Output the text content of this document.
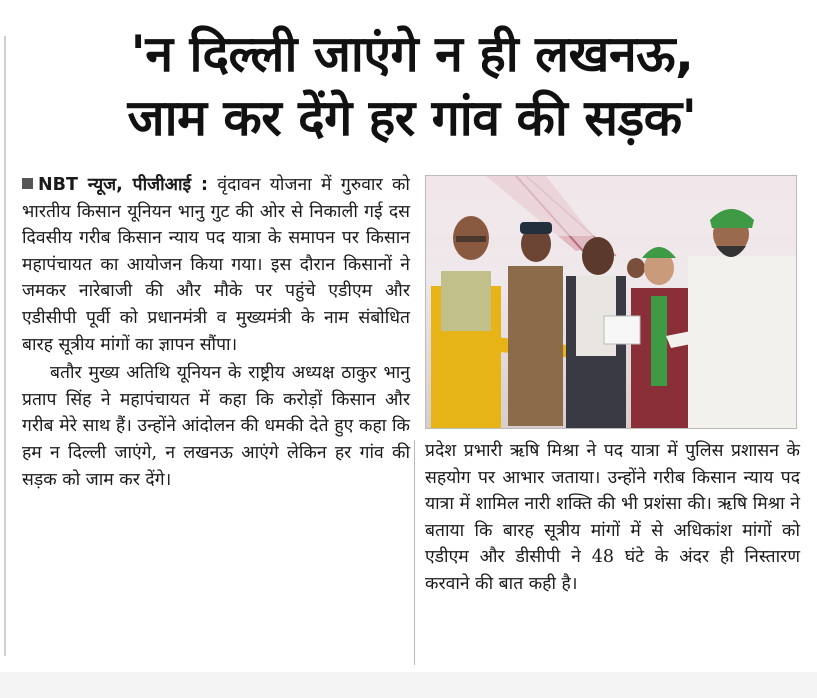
'न दिल्ली जाएंगे न ही लखनऊ,
जाम कर देंगे हर गांव की सड़क'

NBT न्यूज, पीजीआई : वृंदावन योजना में गुरुवार को भारतीय किसान यूनियन भानु गुट की ओर से निकाली गई दस दिवसीय गरीब किसान न्याय पद यात्रा के समापन पर किसान महापंचायत का आयोजन किया गया। इस दौरान किसानों ने जमकर नारेबाजी की और मौके पर पहुंचे एडीएम और एडीसीपी पूर्वी को प्रधानमंत्री व मुख्यमंत्री के नाम संबोधित बारह सूत्रीय मांगों का ज्ञापन सौंपा।

बतौर मुख्य अतिथि यूनियन के राष्ट्रीय अध्यक्ष ठाकुर भानु प्रताप सिंह ने महापंचायत में कहा कि करोड़ों किसान और गरीब मेरे साथ हैं। उन्होंने आंदोलन की धमकी देते हुए कहा कि हम न दिल्ली जाएंगे, न लखनऊ आएंगे लेकिन हर गांव की सड़क को जाम कर देंगे।

प्रदेश प्रभारी ऋषि मिश्रा ने पद यात्रा में पुलिस प्रशासन के सहयोग पर आभार जताया। उन्होंने गरीब किसान न्याय पद यात्रा में शामिल नारी शक्ति की भी प्रशंसा की। ऋषि मिश्रा ने बताया कि बारह सूत्रीय मांगों में से अधिकांश मांगों को एडीएम और डीसीपी ने 48 घंटे के अंदर ही निस्तारण करवाने की बात कही है।
